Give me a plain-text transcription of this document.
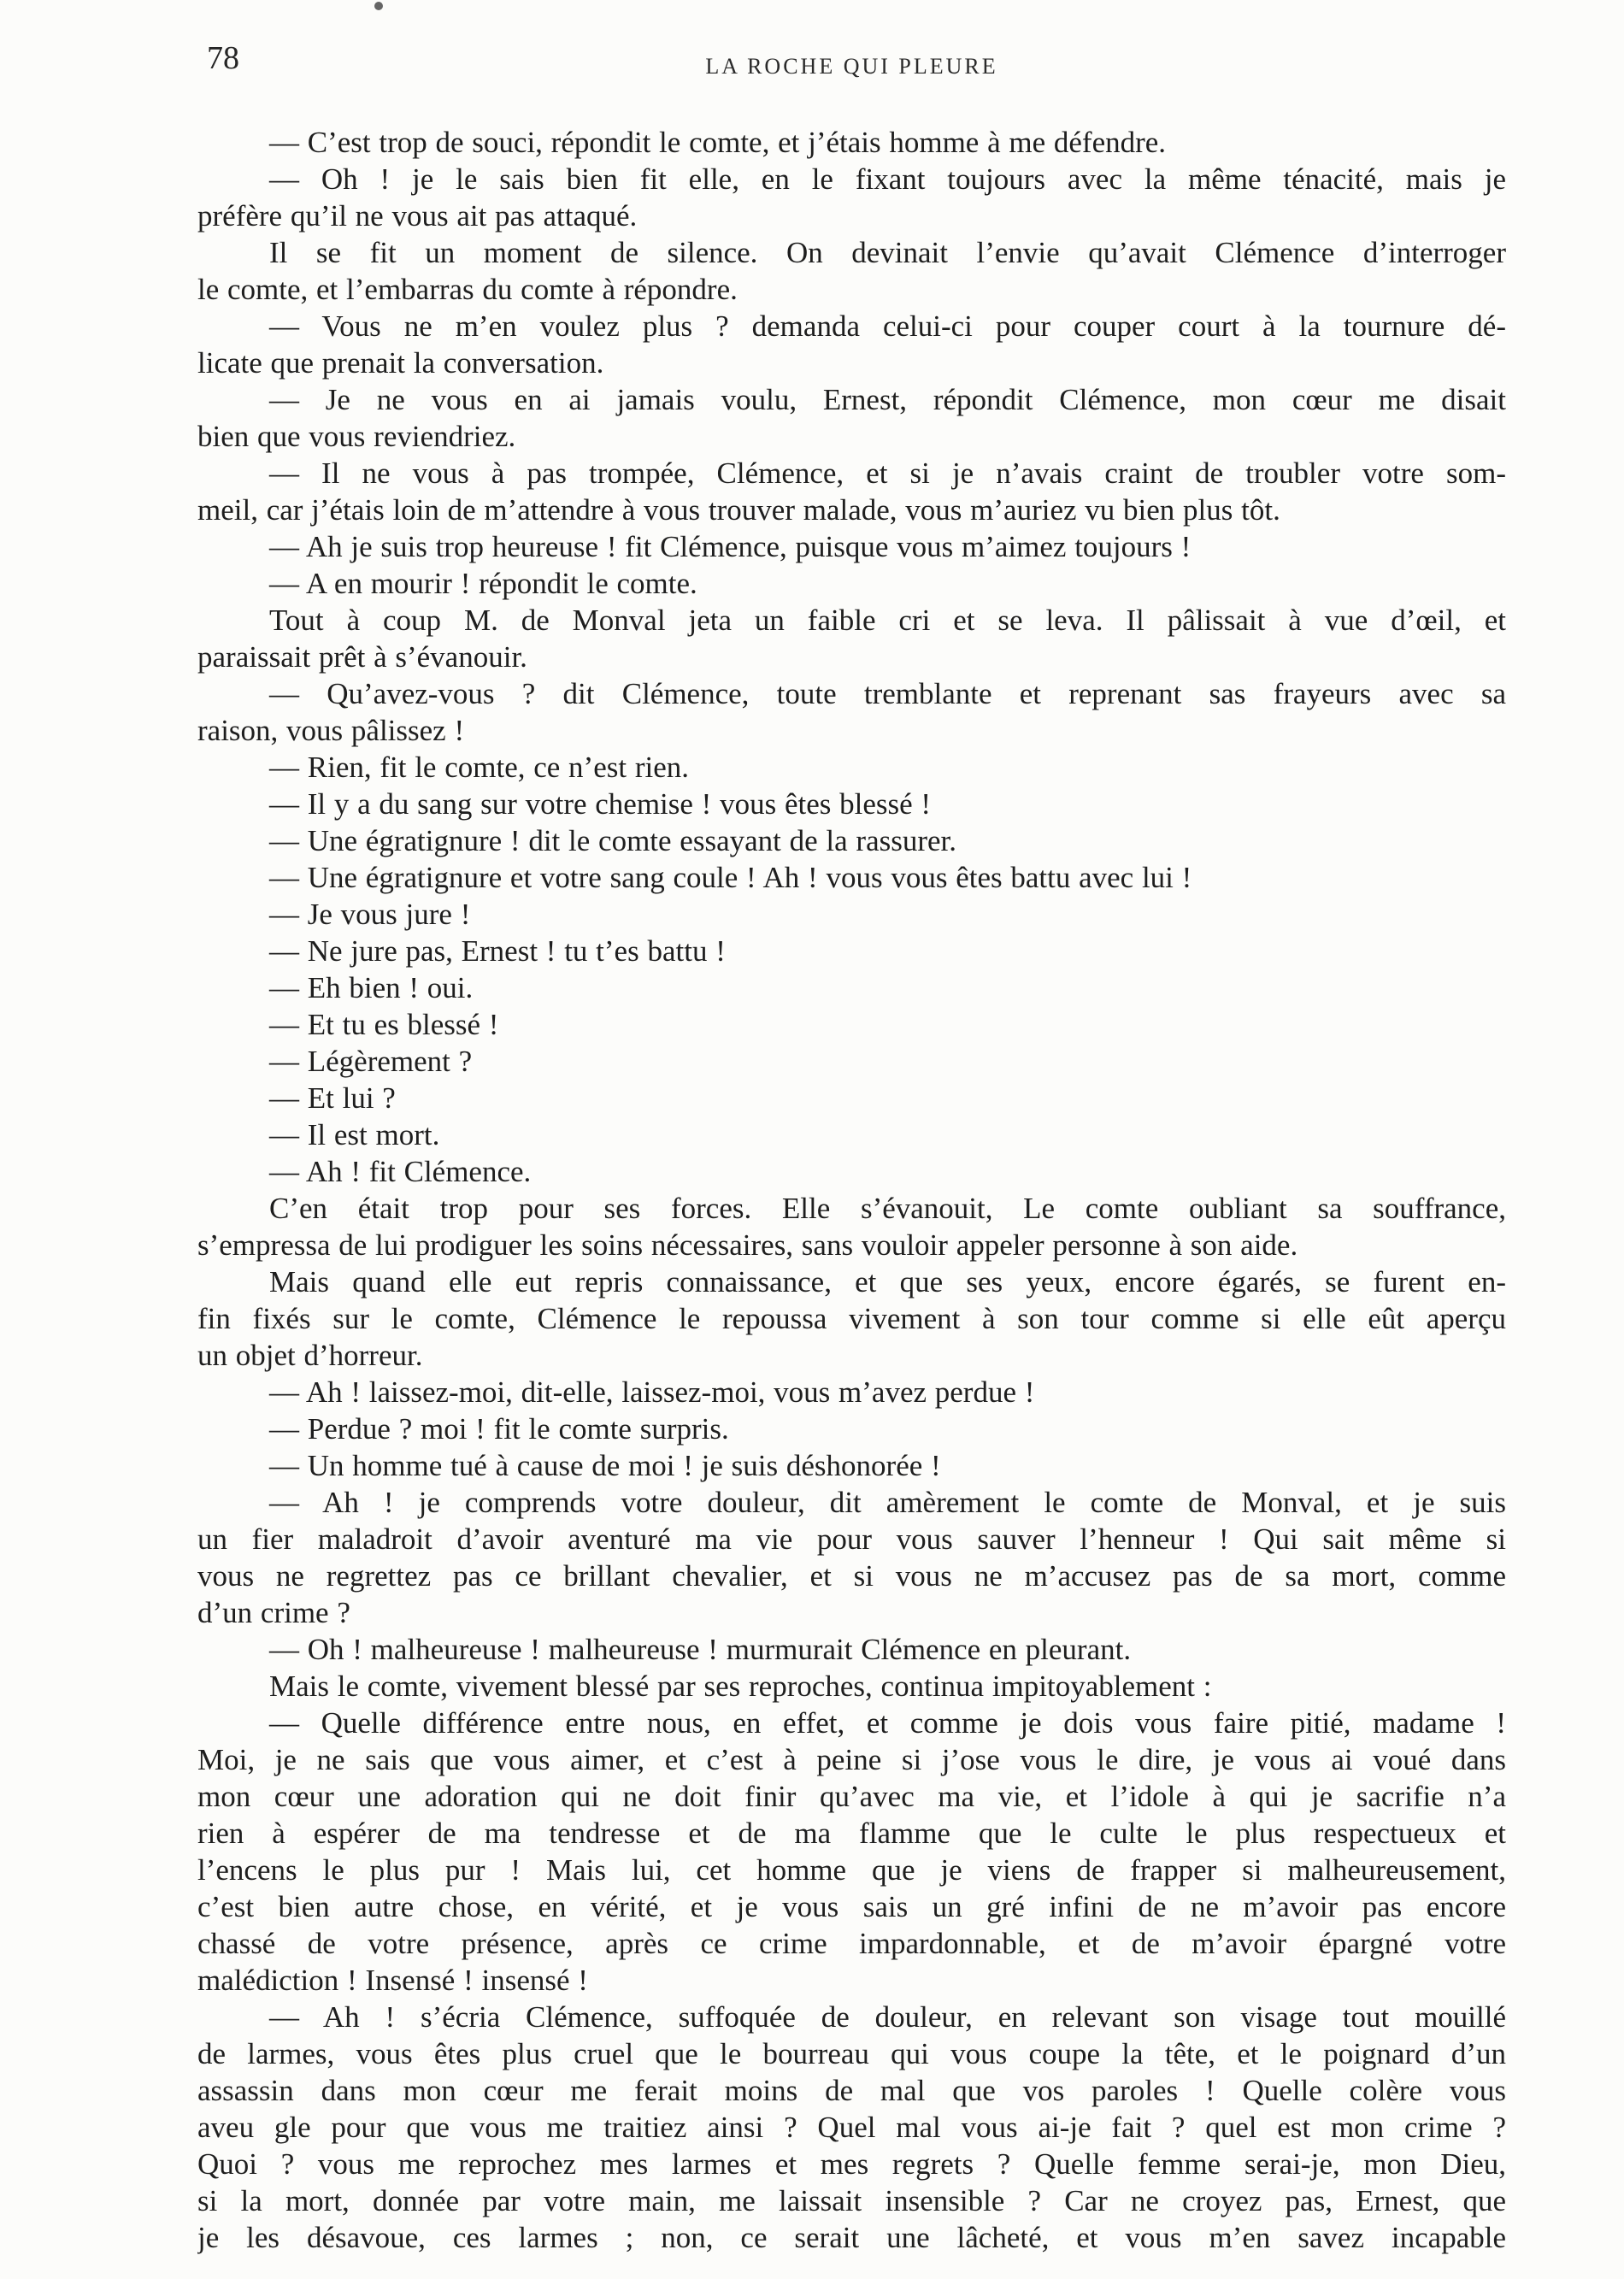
78	LA ROCHE QUI PLEURE
— C’est trop de souci, répondit le comte, et j’étais homme à me défendre.
— Oh ! je le sais bien fit elle, en le fixant toujours avec la même ténacité, mais je
préfère qu’il ne vous ait pas attaqué.
Il se fit un moment de silence. On devinait l’envie qu’avait Clémence d’interroger
le comte, et l’embarras du comte à répondre.
— Vous ne m’en voulez plus ? demanda celui-ci pour couper court à la tournure dé-
licate que prenait la conversation.
— Je ne vous en ai jamais voulu, Ernest, répondit Clémence, mon cœur me disait
bien que vous reviendriez.
— Il ne vous à pas trompée, Clémence, et si je n’avais craint de troubler votre som-
meil, car j’étais loin de m’attendre à vous trouver malade, vous m’auriez vu bien plus tôt.
— Ah je suis trop heureuse ! fit Clémence, puisque vous m’aimez toujours !
— A en mourir ! répondit le comte.
Tout à coup M. de Monval jeta un faible cri et se leva. Il pâlissait à vue d’œil, et
paraissait prêt à s’évanouir.
— Qu’avez-vous ? dit Clémence, toute tremblante et reprenant sas frayeurs avec sa
raison, vous pâlissez !
— Rien, fit le comte, ce n’est rien.
— Il y a du sang sur votre chemise ! vous êtes blessé !
— Une égratignure ! dit le comte essayant de la rassurer.
— Une égratignure et votre sang coule ! Ah ! vous vous êtes battu avec lui !
— Je vous jure !
— Ne jure pas, Ernest ! tu t’es battu !
— Eh bien ! oui.
— Et tu es blessé !
— Légèrement ?
— Et lui ?
— Il est mort.
— Ah ! fit Clémence.
C’en était trop pour ses forces. Elle s’évanouit, Le comte oubliant sa souffrance,
s’empressa de lui prodiguer les soins nécessaires, sans vouloir appeler personne à son aide.
Mais quand elle eut repris connaissance, et que ses yeux, encore égarés, se furent en-
fin fixés sur le comte, Clémence le repoussa vivement à son tour comme si elle eût aperçu
un objet d’horreur.
— Ah ! laissez-moi, dit-elle, laissez-moi, vous m’avez perdue !
— Perdue ? moi ! fit le comte surpris.
— Un homme tué à cause de moi ! je suis déshonorée !
— Ah ! je comprends votre douleur, dit amèrement le comte de Monval, et je suis
un fier maladroit d’avoir aventuré ma vie pour vous sauver l’henneur ! Qui sait même si
vous ne regrettez pas ce brillant chevalier, et si vous ne m’accusez pas de sa mort, comme
d’un crime ?
— Oh ! malheureuse ! malheureuse ! murmurait Clémence en pleurant.
Mais le comte, vivement blessé par ses reproches, continua impitoyablement :
— Quelle différence entre nous, en effet, et comme je dois vous faire pitié, madame !
Moi, je ne sais que vous aimer, et c’est à peine si j’ose vous le dire, je vous ai voué dans
mon cœur une adoration qui ne doit finir qu’avec ma vie, et l’idole à qui je sacrifie n’a
rien à espérer de ma tendresse et de ma flamme que le culte le plus respectueux et
l’encens le plus pur ! Mais lui, cet homme que je viens de frapper si malheureusement,
c’est bien autre chose, en vérité, et je vous sais un gré infini de ne m’avoir pas encore
chassé de votre présence, après ce crime impardonnable, et de m’avoir épargné votre
malédiction ! Insensé ! insensé !
— Ah ! s’écria Clémence, suffoquée de douleur, en relevant son visage tout mouillé
de larmes, vous êtes plus cruel que le bourreau qui vous coupe la tête, et le poignard d’un
assassin dans mon cœur me ferait moins de mal que vos paroles ! Quelle colère vous
aveu gle pour que vous me traitiez ainsi ? Quel mal vous ai-je fait ? quel est mon crime ?
Quoi ? vous me reprochez mes larmes et mes regrets ? Quelle femme serai-je, mon Dieu,
si la mort, donnée par votre main, me laissait insensible ? Car ne croyez pas, Ernest, que
je les désavoue, ces larmes ; non, ce serait une lâcheté, et vous m’en savez incapable
